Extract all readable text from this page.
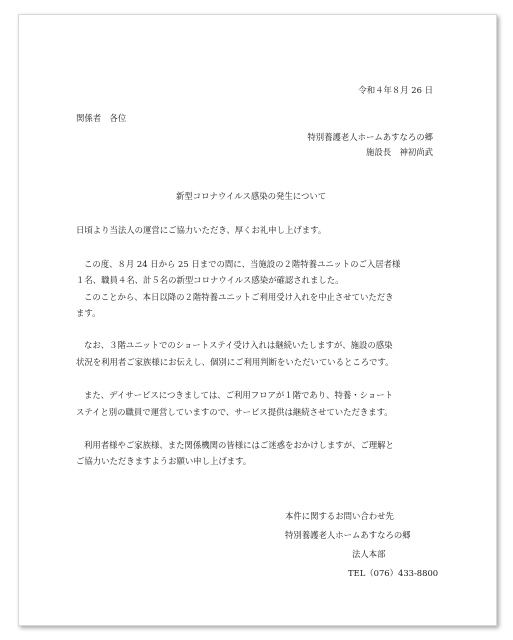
令和４年８月 26 日
関係者　各位
特別養護老人ホームあすなろの郷
施設長　神初尚武
新型コロナウイルス感染の発生について
日頃より当法人の運営にご協力いただき、厚くお礼申し上げます。
この度、８月 24 日から 25 日までの間に、当施設の２階特養ユニットのご入居者様
１名、職員４名、計５名の新型コロナウイルス感染が確認されました。
このことから、本日以降の２階特養ユニットご利用受け入れを中止させていただき
ます。
なお、３階ユニットでのショートステイ受け入れは継続いたしますが、施設の感染
状況を利用者ご家族様にお伝えし、個別にご利用判断をいただいているところです。
また、デイサービスにつきましては、ご利用フロアが１階であり、特養・ショート
ステイと別の職員で運営していますので、サービス提供は継続させていただきます。
利用者様やご家族様、また関係機関の皆様にはご迷惑をおかけしますが、ご理解と
ご協力いただきますようお願い申し上げます。
本件に関するお問い合わせ先
特別養護老人ホームあすなろの郷
法人本部
TEL（076）433-8800
